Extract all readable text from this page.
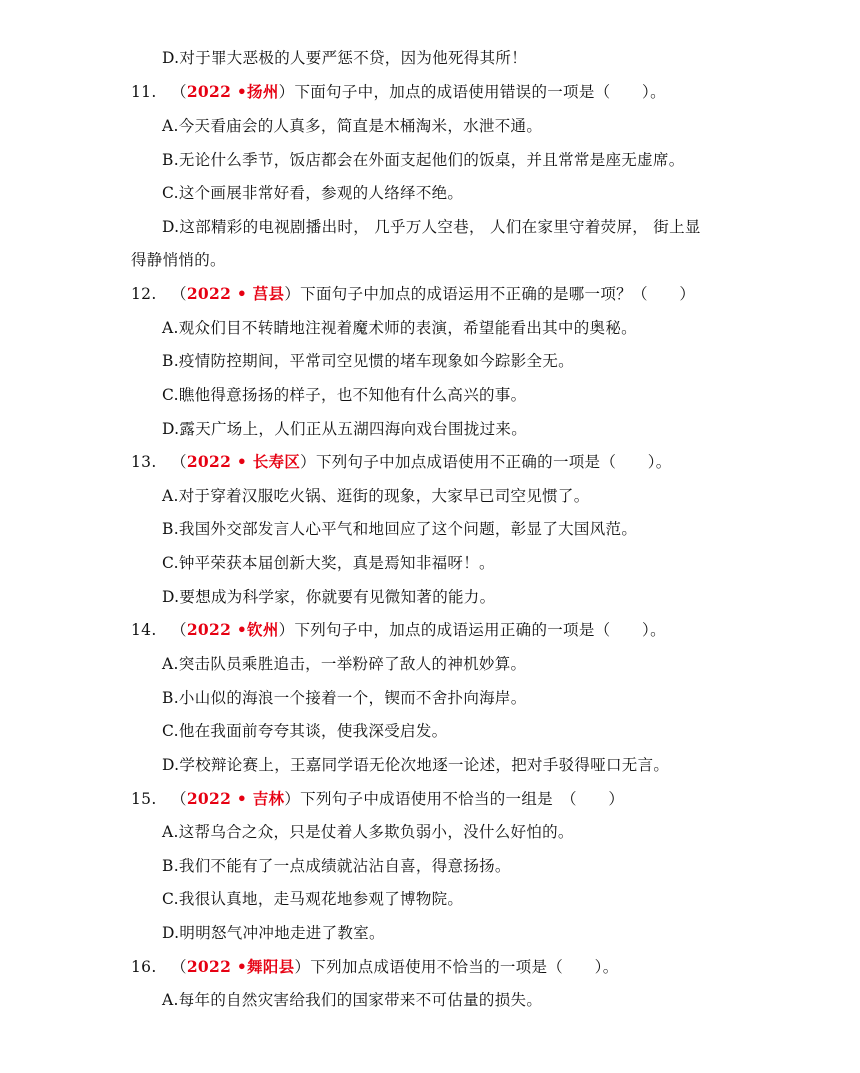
D.对于罪大恶极的人要严惩不贷，因为他死得其所！
11. （2022 •扬州）下面句子中，加点的成语使用错误的一项是（　　）。
A.今天看庙会的人真多，简直是木桶淘米，水泄不通。
B.无论什么季节，饭店都会在外面支起他们的饭桌，并且常常是座无虚席。
C.这个画展非常好看，参观的人络绎不绝。
D.这部精彩的电视剧播出时， 几乎万人空巷， 人们在家里守着荧屏， 街上显
得静悄悄的。
12. （2022 • 莒县）下面句子中加点的成语运用不正确的是哪一项？（　　）
A.观众们目不转睛地注视着魔术师的表演，希望能看出其中的奥秘。
B.疫情防控期间，平常司空见惯的堵车现象如今踪影全无。
C.瞧他得意扬扬的样子，也不知他有什么高兴的事。
D.露天广场上，人们正从五湖四海向戏台围拢过来。
13. （2022 • 长寿区）下列句子中加点成语使用不正确的一项是（　　）。
A.对于穿着汉服吃火锅、逛街的现象，大家早已司空见惯了。
B.我国外交部发言人心平气和地回应了这个问题，彰显了大国风范。
C.钟平荣获本届创新大奖，真是焉知非福呀！。
D.要想成为科学家，你就要有见微知著的能力。
14. （2022 •钦州）下列句子中，加点的成语运用正确的一项是（　　）。
A.突击队员乘胜追击，一举粉碎了敌人的神机妙算。
B.小山似的海浪一个接着一个，锲而不舍扑向海岸。
C.他在我面前夸夸其谈，使我深受启发。
D.学校辩论赛上，王嘉同学语无伦次地逐一论述，把对手驳得哑口无言。
15. （2022 • 吉林）下列句子中成语使用不恰当的一组是　（　　）
A.这帮乌合之众，只是仗着人多欺负弱小，没什么好怕的。
B.我们不能有了一点成绩就沾沾自喜，得意扬扬。
C.我很认真地，走马观花地参观了博物院。
D.明明怒气冲冲地走进了教室。
16. （2022 •舞阳县）下列加点成语使用不恰当的一项是（　　）。
A.每年的自然灾害给我们的国家带来不可估量的损失。
